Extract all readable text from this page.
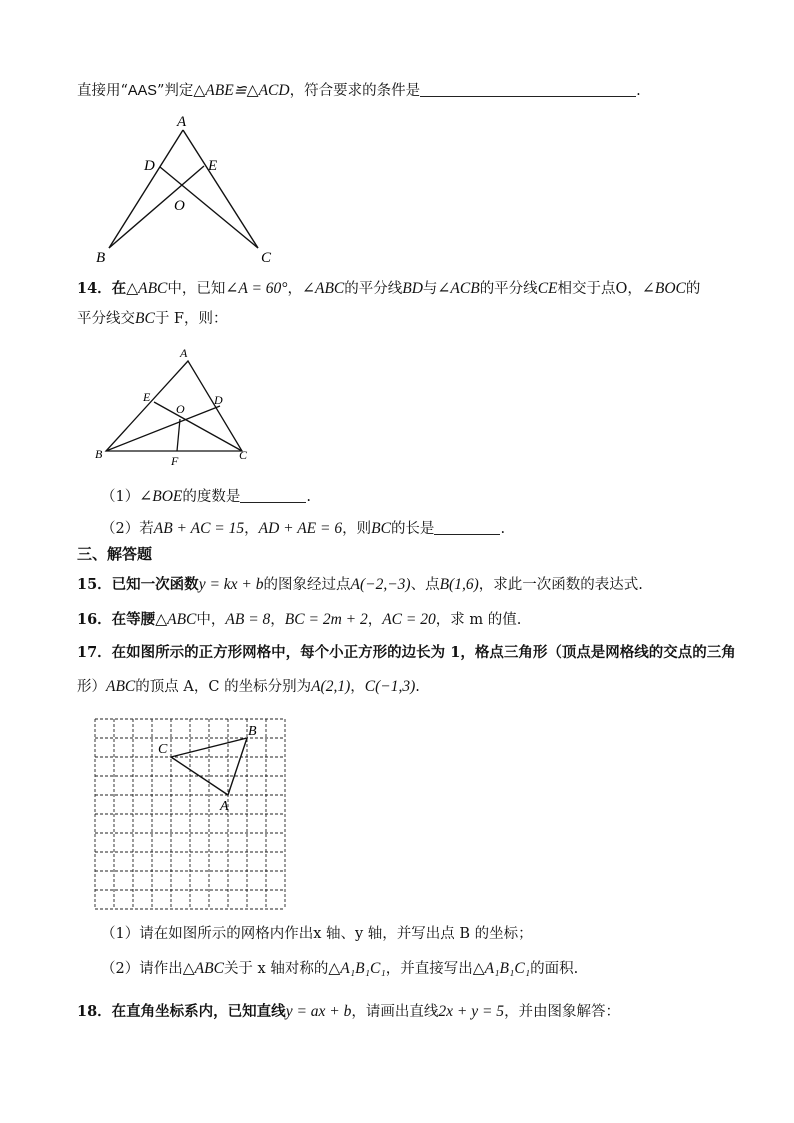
直接用“AAS”判定△ABE≌△ACD，符合要求的条件是	.
A
D	E
O
B	C
14．在△ABC中，已知∠A = 60°，∠ABC的平分线BD与∠ACB的平分线CE相交于点O，∠BOC的
平分线交BC于 F，则：
A
E
O
D
B	F	C
（1）∠BOE的度数是	.
（2）若AB + AC = 15，AD + AE = 6，则BC的长是	.
三、解答题
15．已知一次函数y = kx + b的图象经过点A(−2,−3)、点B(1,6)，求此一次函数的表达式.
16．在等腰△ABC中，AB = 8，BC = 2m + 2，AC = 20，求 m 的值.
17．在如图所示的正方形网格中，每个小正方形的边长为 1，格点三角形（顶点是网格线的交点的三角
形）ABC的顶点 A，C 的坐标分别为A(2,1)，C(−1,3).
B
C
A
（1）请在如图所示的网格内作出x 轴、y 轴，并写出点 B 的坐标；
（2）请作出△ABC关于 x 轴对称的△A₁B₁C₁，并直接写出△A₁B₁C₁的面积.
18．在直角坐标系内，已知直线y = ax + b，请画出直线2x + y = 5，并由图象解答：
